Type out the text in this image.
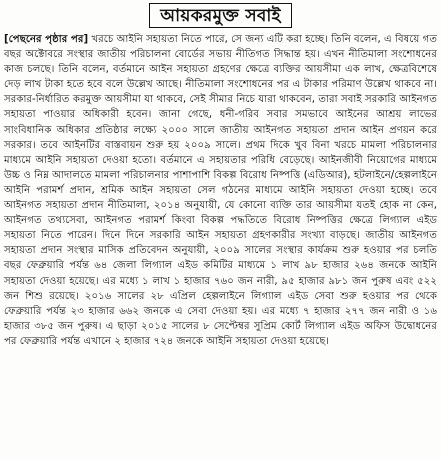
আয়করমুক্ত সবাই

[পেছনের পৃষ্ঠার পর] খরচে আইনি সহায়তা নিতে পারে, সে জন্য এটি করা হচ্ছে। তিনি বলেন, এ বিষয়ে গত বছর অক্টোবরে সংস্থার জাতীয় পরিচালনা বোর্ডের সভায় নীতিগত সিদ্ধান্ত হয়। এখন নীতিমালা সংশোধনের কাজ চলছে। তিনি বলেন, বর্তমানে আইন সহায়তা গ্রহণের ক্ষেত্রে ব্যক্তির আয়সীমা এক লাখ, ক্ষেত্রবিশেষে দেড় লাখ টাকা হতে হবে বলে উল্লেখ আছে। নীতিমালা সংশোধনের পর এ টাকার পরিমাণ উল্লেখ থাকবে না। সরকার-নির্ধারিত করমুক্ত আয়সীমা যা থাকবে, সেই সীমার নিচে যারা থাকবেন, তারা সবাই সরকারি আইনগত সহায়তা পাওয়ার অধিকারী হবেন। জানা গেছে, ধনী-গরিব সবার সমভাবে আইনের আশ্রয় লাভের সাংবিধানিক অধিকার প্রতিষ্ঠার লক্ষ্যে ২০০০ সালে জাতীয় আইনগত সহায়তা প্রদান আইন প্রণয়ন করে সরকার। তবে আইনটির বাস্তবায়ন শুরু হয় ২০০৯ সালে। প্রথম দিকে খুব বিনা খরচে মামলা পরিচালনার মাধ্যমে আইনি সহায়তা দেওয়া হতো। বর্তমানে এ সহায়তার পরিধি বেড়েছে। আইনজীবী নিয়োগের মাধ্যমে উচ্চ ও নিম্ন আদালতে মামলা পরিচালনার পাশাপাশি বিকল্প বিরোধ নিষ্পত্তি (এডিআর), হটলাইনে/হেল্পলাইনে আইনি পরামর্শ প্রদান, শ্রমিক আইন সহায়তা সেল গঠনের মাধ্যমে আইনি সহায়তা দেওয়া হচ্ছে। তবে আইনগত সহায়তা প্রদান নীতিমালা, ২০১৪ অনুযায়ী, যে কোনো ব্যক্তি তার আয়সীমা যতই হোক না কেন, আইনগত তথ্যসেবা, আইনগত পরামর্শ কিংবা বিকল্প পদ্ধতিতে বিরোধ নিষ্পত্তির ক্ষেত্রে লিগ্যাল এইড সহায়তা নিতে পারেন। দিনে দিনে সরকারি আইন সহায়তা গ্রহণকারীর সংখ্যা বাড়ছে। জাতীয় আইনগত সহায়তা প্রদান সংস্থার মাসিক প্রতিবেদন অনুযায়ী, ২০০৯ সালের সংস্থার কার্যক্রম শুরু হওয়ার পর চলতি বছর ফেব্রুয়ারি পর্যন্ত ৬৪ জেলা লিগ্যাল এইড কমিটির মাধ্যমে ১ লাখ ৯৮ হাজার ২৬৪ জনকে আইনি সহায়তা দেওয়া হয়েছে। এর মধ্যে ১ লাখ ১ হাজার ৭৬০ জন নারী, ৯৫ হাজার ৯৮১ জন পুরুষ এবং ৫২২ জন শিশু রয়েছে। ২০১৬ সালের ২৮ এপ্রিল হেল্পলাইনে লিগ্যাল এইড সেবা শুরু হওয়ার পর থেকে ফেব্রুয়ারি পর্যন্ত ২৩ হাজার ৬৬২ জনকে এ সেবা দেওয়া হয়। এর মধ্যে ৭ হাজার ২৭৭ জন নারী ও ১৬ হাজার ৩৮৫ জন পুরুষ। এ ছাড়া ২০১৫ সালের ৮ সেপ্টেম্বর সুপ্রিম কোর্ট লিগ্যাল এইড অফিস উদ্বোধনের পর ফেব্রুয়ারি পর্যন্ত এখানে ২ হাজার ৭২৪ জনকে আইনি সহায়তা দেওয়া হয়েছে।
